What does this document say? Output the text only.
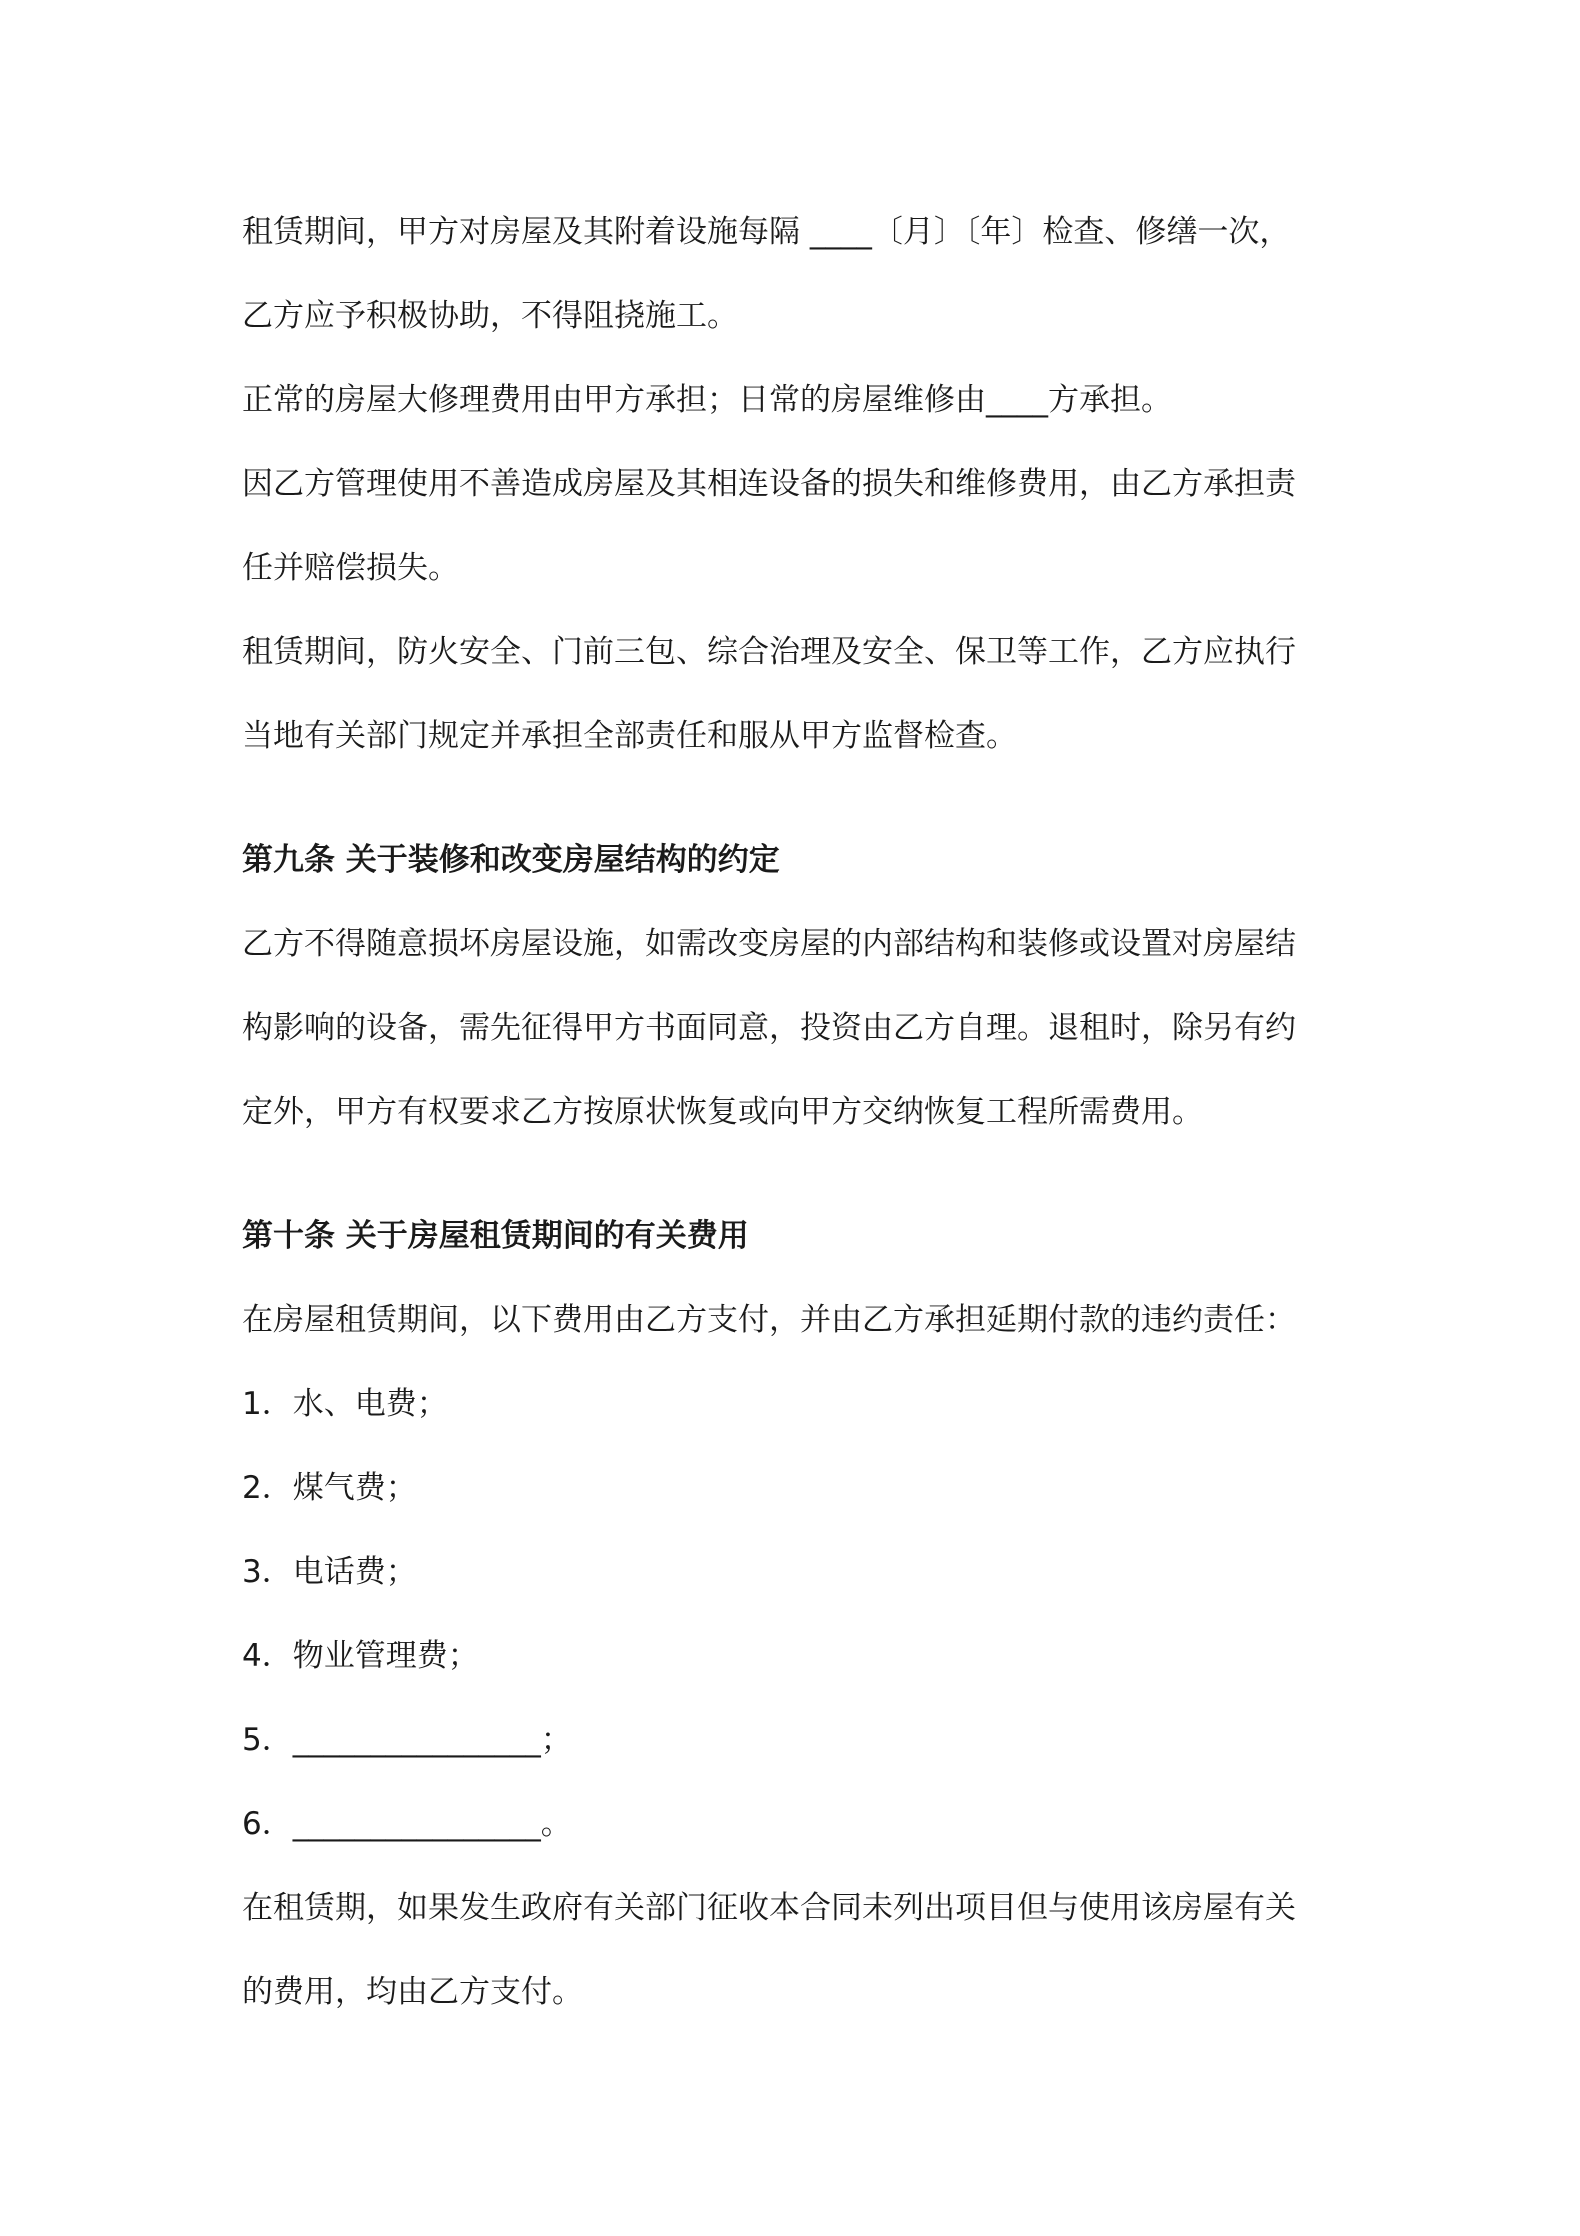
租赁期间，甲方对房屋及其附着设施每隔 ____〔月〕〔年〕检查、修缮一次，

乙方应予积极协助，不得阻挠施工。

正常的房屋大修理费用由甲方承担；日常的房屋维修由____方承担。

因乙方管理使用不善造成房屋及其相连设备的损失和维修费用，由乙方承担责

任并赔偿损失。

租赁期间，防火安全、门前三包、综合治理及安全、保卫等工作，乙方应执行

当地有关部门规定并承担全部责任和服从甲方监督检查。

第九条 关于装修和改变房屋结构的约定

乙方不得随意损坏房屋设施，如需改变房屋的内部结构和装修或设置对房屋结

构影响的设备，需先征得甲方书面同意，投资由乙方自理。退租时，除另有约

定外，甲方有权要求乙方按原状恢复或向甲方交纳恢复工程所需费用。

第十条 关于房屋租赁期间的有关费用

在房屋租赁期间，以下费用由乙方支付，并由乙方承担延期付款的违约责任：

1．水、电费；

2．煤气费；

3．电话费；

4．物业管理费；

5．________________；

6．________________。

在租赁期，如果发生政府有关部门征收本合同未列出项目但与使用该房屋有关

的费用，均由乙方支付。
